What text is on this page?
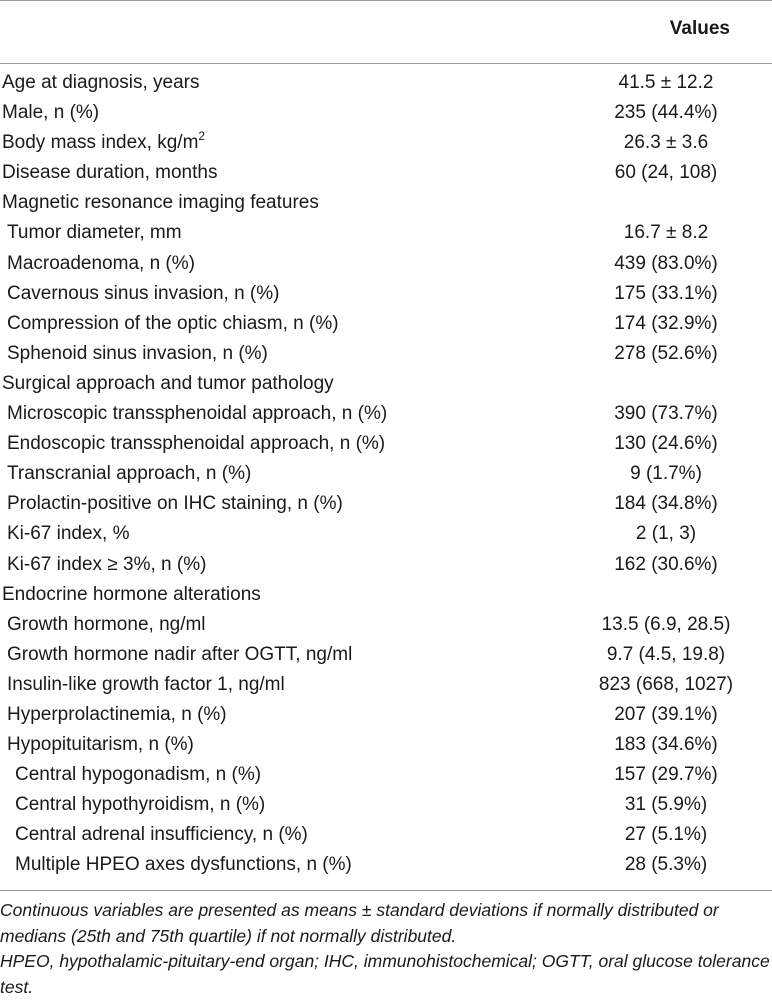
Values
Age at diagnosis, years	41.5 ± 12.2
Male, n (%)	235 (44.4%)
Body mass index, $kg/m^2$	26.3 ± 3.6
Disease duration, months	60 (24, 108)
Magnetic resonance imaging features
Tumor diameter, mm	16.7 ± 8.2
Macroadenoma, n (%)	439 (83.0%)
Cavernous sinus invasion, n (%)	175 (33.1%)
Compression of the optic chiasm, n (%)	174 (32.9%)
Sphenoid sinus invasion, n (%)	278 (52.6%)
Surgical approach and tumor pathology
Microscopic transsphenoidal approach, n (%)	390 (73.7%)
Endoscopic transsphenoidal approach, n (%)	130 (24.6%)
Transcranial approach, n (%)	9 (1.7%)
Prolactin-positive on IHC staining, n (%)	184 (34.8%)
Ki-67 index, %	2 (1, 3)
Ki-67 index ≥ 3%, n (%)	162 (30.6%)
Endocrine hormone alterations
Growth hormone, ng/ml	13.5 (6.9, 28.5)
Growth hormone nadir after OGTT, ng/ml	9.7 (4.5, 19.8)
Insulin-like growth factor 1, ng/ml	823 (668, 1027)
Hyperprolactinemia, n (%)	207 (39.1%)
Hypopituitarism, n (%)	183 (34.6%)
Central hypogonadism, n (%)	157 (29.7%)
Central hypothyroidism, n (%)	31 (5.9%)
Central adrenal insufficiency, n (%)	27 (5.1%)
Multiple HPEO axes dysfunctions, n (%)	28 (5.3%)

Continuous variables are presented as means ± standard deviations if normally distributed or medians (25th and 75th quartile) if not normally distributed.

HPEO, hypothalamic-pituitary-end organ; IHC, immunohistochemical; OGTT, oral glucose tolerance test.
